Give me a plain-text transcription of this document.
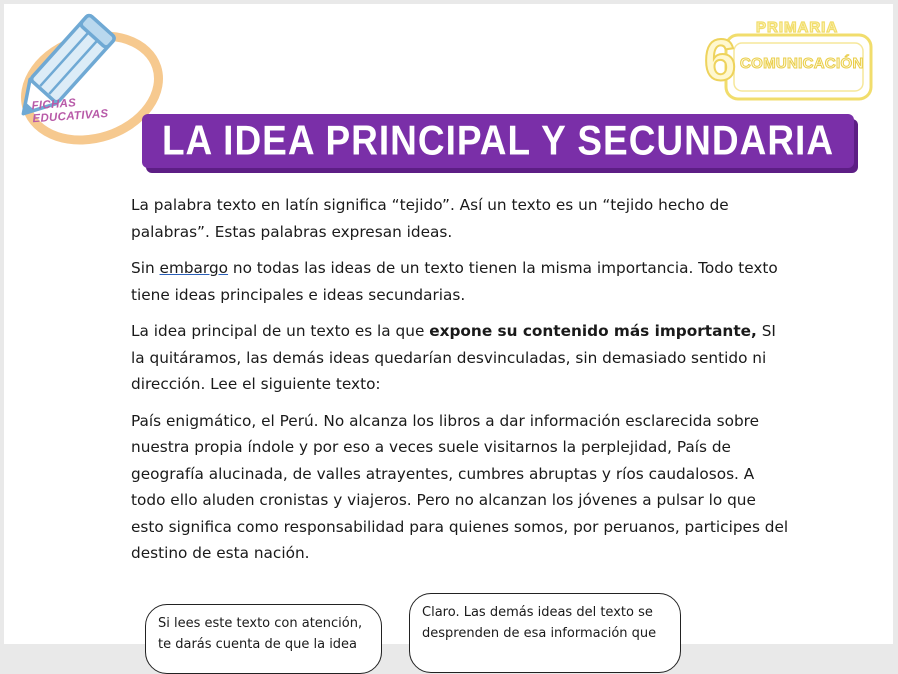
FICHAS
EDUCATIVAS
PRIMARIA
6 COMUNICACIÓN
LA IDEA PRINCIPAL Y SECUNDARIA

La palabra texto en latín significa “tejido”. Así un texto es un “tejido hecho de palabras”. Estas palabras expresan ideas.

Sin embargo no todas las ideas de un texto tienen la misma importancia. Todo texto tiene ideas principales e ideas secundarias.

La idea principal de un texto es la que expone su contenido más importante, SI la quitáramos, las demás ideas quedarían desvinculadas, sin demasiado sentido ni dirección. Lee el siguiente texto:

País enigmático, el Perú. No alcanza los libros a dar información esclarecida sobre nuestra propia índole y por eso a veces suele visitarnos la perplejidad, País de geografía alucinada, de valles atrayentes, cumbres abruptas y ríos caudalosos. A todo ello aluden cronistas y viajeros. Pero no alcanzan los jóvenes a pulsar lo que esto significa como responsabilidad para quienes somos, por peruanos, participes del destino de esta nación.

Si lees este texto con atención,
te darás cuenta de que la idea
Claro. Las demás ideas del texto se
desprenden de esa información que
